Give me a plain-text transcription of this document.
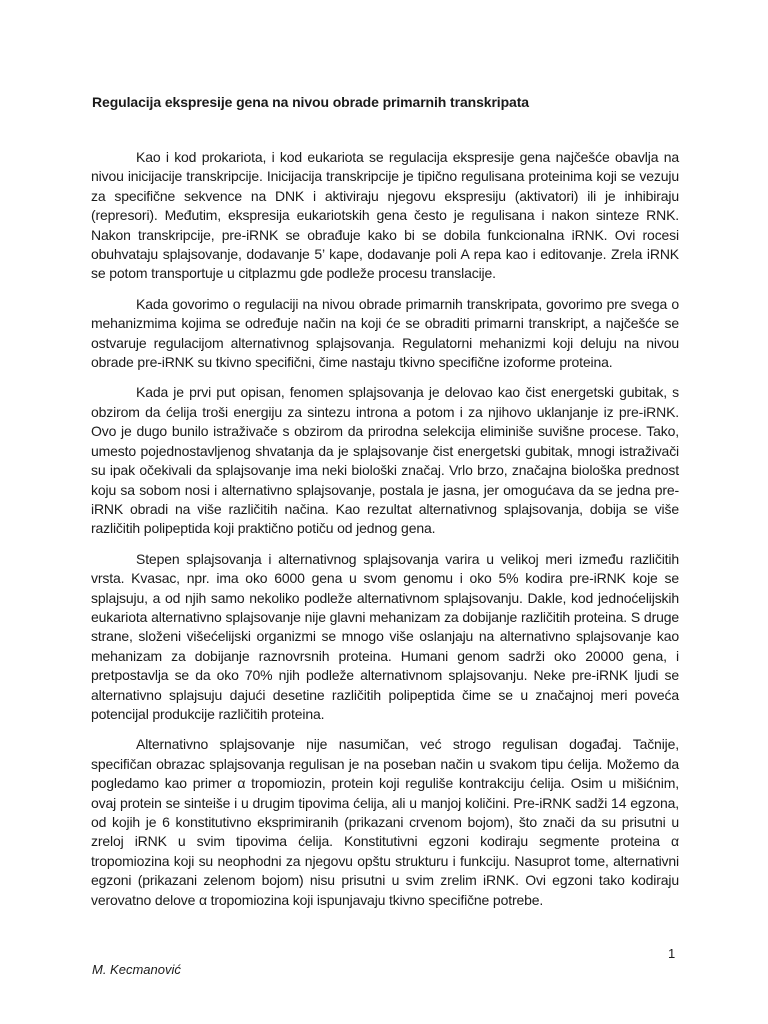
Regulacija ekspresije gena na nivou obrade primarnih transkripata

Kao i kod prokariota, i kod eukariota se regulacija ekspresije gena najčešće obavlja na nivou inicijacije transkripcije. Inicijacija transkripcije je tipično regulisana proteinima koji se vezuju za specifične sekvence na DNK i aktiviraju njegovu ekspresiju (aktivatori) ili je inhibiraju (represori). Međutim, ekspresija eukariotskih gena često je regulisana i nakon sinteze RNK. Nakon transkripcije, pre-iRNK se obrađuje kako bi se dobila funkcionalna iRNK. Ovi rocesi obuhvataju splajsovanje, dodavanje 5’ kape, dodavanje poli A repa kao i editovanje. Zrela iRNK se potom transportuje u citplazmu gde podleže procesu translacije.

Kada govorimo o regulaciji na nivou obrade primarnih transkripata, govorimo pre svega o mehanizmima kojima se određuje način na koji će se obraditi primarni transkript, a najčešće se ostvaruje regulacijom alternativnog splajsovanja. Regulatorni mehanizmi koji deluju na nivou obrade pre-iRNK su tkivno specifični, čime nastaju tkivno specifične izoforme proteina.

Kada je prvi put opisan, fenomen splajsovanja je delovao kao čist energetski gubitak, s obzirom da ćelija troši energiju za sintezu introna a potom i za njihovo uklanjanje iz pre-iRNK. Ovo je dugo bunilo istraživače s obzirom da prirodna selekcija eliminiše suvišne procese. Tako, umesto pojednostavljenog shvatanja da je splajsovanje čist energetski gubitak, mnogi istraživači su ipak očekivali da splajsovanje ima neki biološki značaj. Vrlo brzo, značajna biološka prednost koju sa sobom nosi i alternativno splajsovanje, postala je jasna, jer omogućava da se jedna pre-iRNK obradi na više različitih načina. Kao rezultat alternativnog splajsovanja, dobija se više različitih polipeptida koji praktično potiču od jednog gena.

Stepen splajsovanja i alternativnog splajsovanja varira u velikoj meri između različitih vrsta. Kvasac, npr. ima oko 6000 gena u svom genomu i oko 5% kodira pre-iRNK koje se splajsuju, a od njih samo nekoliko podleže alternativnom splajsovanju. Dakle, kod jednoćelijskih eukariota alternativno splajsovanje nije glavni mehanizam za dobijanje različitih proteina. S druge strane, složeni višećelijski organizmi se mnogo više oslanjaju na alternativno splajsovanje kao mehanizam za dobijanje raznovrsnih proteina. Humani genom sadrži oko 20000 gena, i pretpostavlja se da oko 70% njih podleže alternativnom splajsovanju. Neke pre-iRNK ljudi se alternativno splajsuju dajući desetine različitih polipeptida čime se u značajnoj meri povećа potencijal produkcije različitih proteina.

Alternativno splajsovanje nije nasumičan, već strogo regulisan događaj. Tačnije, specifičan obrazac splajsovanja regulisan je na poseban način u svakom tipu ćelija. Možemo da pogledamo kao primer α tropomiozin, protein koji reguliše kontrakciju ćelija. Osim u mišićnim, ovaj protein se sinteiše i u drugim tipovima ćelija, ali u manjoj količini. Pre-iRNK sadži 14 egzona, od kojih je 6 konstitutivno eksprimiranih (prikazani crvenom bojom), što znači da su prisutni u zreloj iRNK u svim tipovima ćelija. Konstitutivni egzoni kodiraju segmente proteina α tropomiozina koji su neophodni za njegovu opštu strukturu i funkciju. Nasuprot tome, alternativni egzoni (prikazani zelenom bojom) nisu prisutni u svim zrelim iRNK. Ovi egzoni tako kodiraju verovatno delove α tropomiozina koji ispunjavaju tkivno specifične potrebe.

1

M. Kecmanović
